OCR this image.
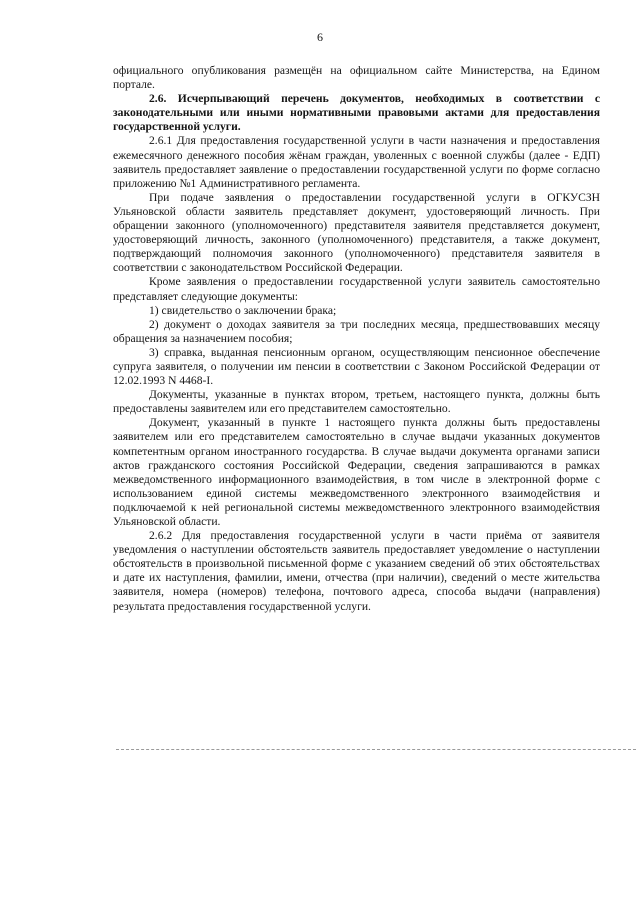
6

официального опубликования размещён на официальном сайте Министерства, на Едином портале.

2.6. Исчерпывающий перечень документов, необходимых в соответствии с законодательными или иными нормативными правовыми актами для предоставления государственной услуги.

2.6.1 Для предоставления государственной услуги в части назначения и предоставления ежемесячного денежного пособия жёнам граждан, уволенных с военной службы (далее - ЕДП) заявитель предоставляет заявление о предоставлении государственной услуги по форме согласно приложению №1 Административного регламента.

При подаче заявления о предоставлении государственной услуги в ОГКУСЗН Ульяновской области заявитель представляет документ, удостоверяющий личность. При обращении законного (уполномоченного) представителя заявителя представляется документ, удостоверяющий личность, законного (уполномоченного) представителя, а также документ, подтверждающий полномочия законного (уполномоченного) представителя заявителя в соответствии с законодательством Российской Федерации.

Кроме заявления о предоставлении государственной услуги заявитель самостоятельно представляет следующие документы:

1) свидетельство о заключении брака;

2) документ о доходах заявителя за три последних месяца, предшествовавших месяцу обращения за назначением пособия;

3) справка, выданная пенсионным органом, осуществляющим пенсионное обеспечение супруга заявителя, о получении им пенсии в соответствии с Законом Российской Федерации от 12.02.1993 N 4468-I.

Документы, указанные в пунктах втором, третьем, настоящего пункта, должны быть предоставлены заявителем или его представителем самостоятельно.

Документ, указанный в пункте 1 настоящего пункта должны быть предоставлены заявителем или его представителем самостоятельно в случае выдачи указанных документов компетентным органом иностранного государства. В случае выдачи документа органами записи актов гражданского состояния Российской Федерации, сведения запрашиваются в рамках межведомственного информационного взаимодействия, в том числе в электронной форме с использованием единой системы межведомственного электронного взаимодействия и подключаемой к ней региональной системы межведомственного электронного взаимодействия Ульяновской области.

2.6.2 Для предоставления государственной услуги в части приёма от заявителя уведомления о наступлении обстоятельств заявитель предоставляет уведомление о наступлении обстоятельств в произвольной письменной форме с указанием сведений об этих обстоятельствах и дате их наступления, фамилии, имени, отчества (при наличии), сведений о месте жительства заявителя, номера (номеров) телефона, почтового адреса, способа выдачи (направления) результата предоставления государственной услуги.
